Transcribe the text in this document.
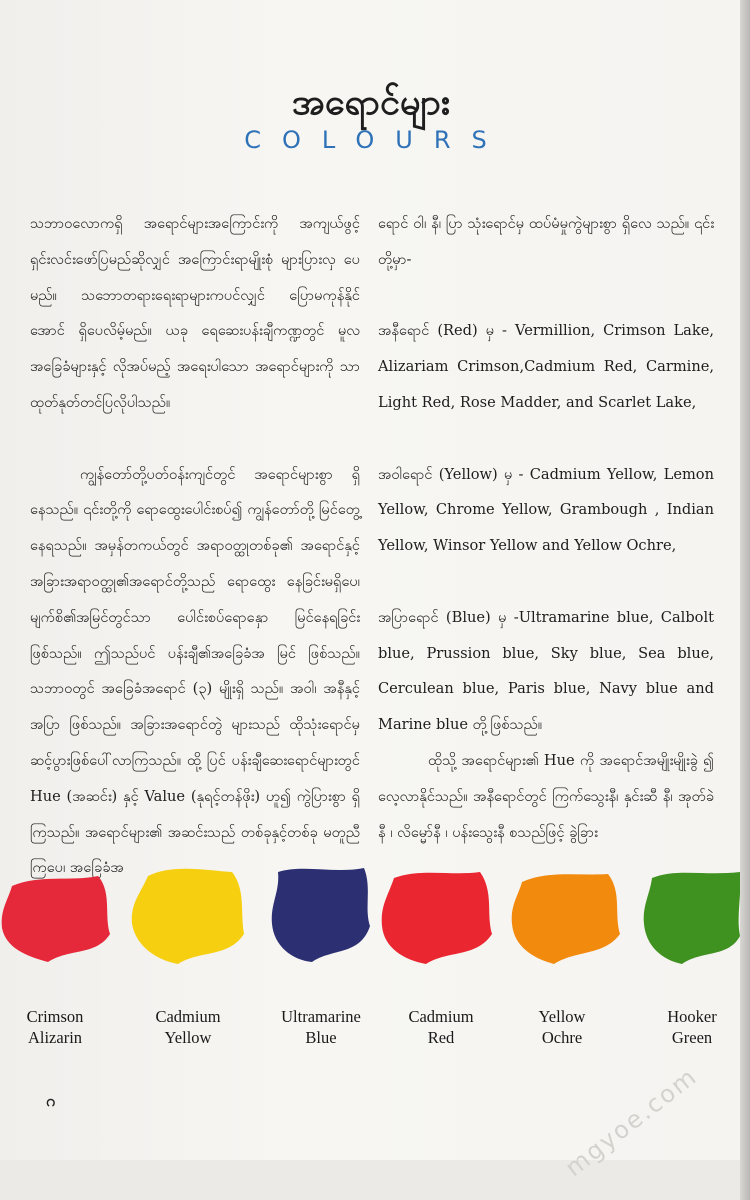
အရောင်များ
COLOURS

သဘာဝလောကရှိ အရောင်များအကြောင်းကို အကျယ်ဖွင့် ရှင်းလင်းဖော်ပြမည်ဆိုလျှင် အကြောင်းရာမျိုးစုံ များပြားလှ ပေမည်။ သဘောတရားရေးရာများကပင်လျှင် ပြောမကုန်နိုင် အောင် ရှိပေလိမ့်မည်။ ယခု ရေဆေးပန်းချီကဏ္ဍတွင် မူလ အခြေခံများနှင့် လိုအပ်မည့် အရေးပါသော အရောင်များကို သာ ထုတ်နုတ်တင်ပြလိုပါသည်။

ကျွန်တော်တို့ပတ်ဝန်းကျင်တွင် အရောင်များစွာ ရှိ နေသည်။ ၎င်းတို့ကို ရောထွေးပေါင်းစပ်၍ ကျွန်တော်တို့ မြင်တွေ့နေရသည်။ အမှန်တကယ်တွင် အရာဝတ္ထုတစ်ခု၏ အရောင်နှင့် အခြားအရာဝတ္ထု၏အရောင်တို့သည် ရောထွေး နေခြင်းမရှိပေ၊ မျက်စိ၏အမြင်တွင်သာ ပေါင်းစပ်ရောနှော မြင်နေရခြင်း ဖြစ်သည်။ ဤသည်ပင် ပန်းချီ၏အခြေခံအ မြင် ဖြစ်သည်။ သဘာဝတွင် အခြေခံအရောင် (၃) မျိုးရှိ သည်။ အဝါ၊ အနီနှင့် အပြာ ဖြစ်သည်။ အခြားအရောင်တွဲ များသည် ထိုသုံးရောင်မှဆင့်ပွားဖြစ်ပေါ်လာကြသည်။ ထို့ ပြင် ပန်းချီဆေးရောင်များတွင် Hue (အဆင်း) နှင့် Value (နုရင့်တန်ဖိုး) ဟူ၍ ကွဲပြားစွာ ရှိကြသည်။ အရောင်များ၏ အဆင်းသည် တစ်ခုနှင့်တစ်ခု မတူညီကြပေ၊ အခြေခံအ

ရောင် ဝါ၊ နီ၊ ပြာ သုံးရောင်မှ ထပ်မံမှုကွဲများစွာ ရှိလေ သည်။ ၎င်းတို့မှာ-

အနီရောင် (Red) မှ - Vermillion, Crimson Lake, Alizariam Crimson,Cadmium Red, Carmine, Light Red, Rose Madder, and Scarlet Lake,

အဝါရောင် (Yellow) မှ - Cadmium Yellow, Lemon Yellow, Chrome Yellow, Grambough , Indian Yellow, Winsor Yellow and Yellow Ochre,

အပြာရောင် (Blue) မှ -Ultramarine blue, Calbolt blue, Prussion blue, Sky blue, Sea blue, Cerculean blue, Paris blue, Navy blue and Marine blue တို့ဖြစ်သည်။

ထိုသို့ အရောင်များ၏ Hue ကို အရောင်အမျိုးမျိုးခွဲ ၍ လေ့လာနိုင်သည်။ အနီရောင်တွင် ကြက်သွေးနီ၊ နှင်းဆီ နီ၊ အုတ်ခဲနီ ၊ လိမ္မော်နီ ၊ ပန်းသွေးနီ စသည်ဖြင့် ခွဲခြား

Crimson
Alizarin
Cadmium
Yellow
Ultramarine
Blue
Cadmium
Red
Yellow
Ochre
Hooker
Green
ဂ	mgyoe.com
